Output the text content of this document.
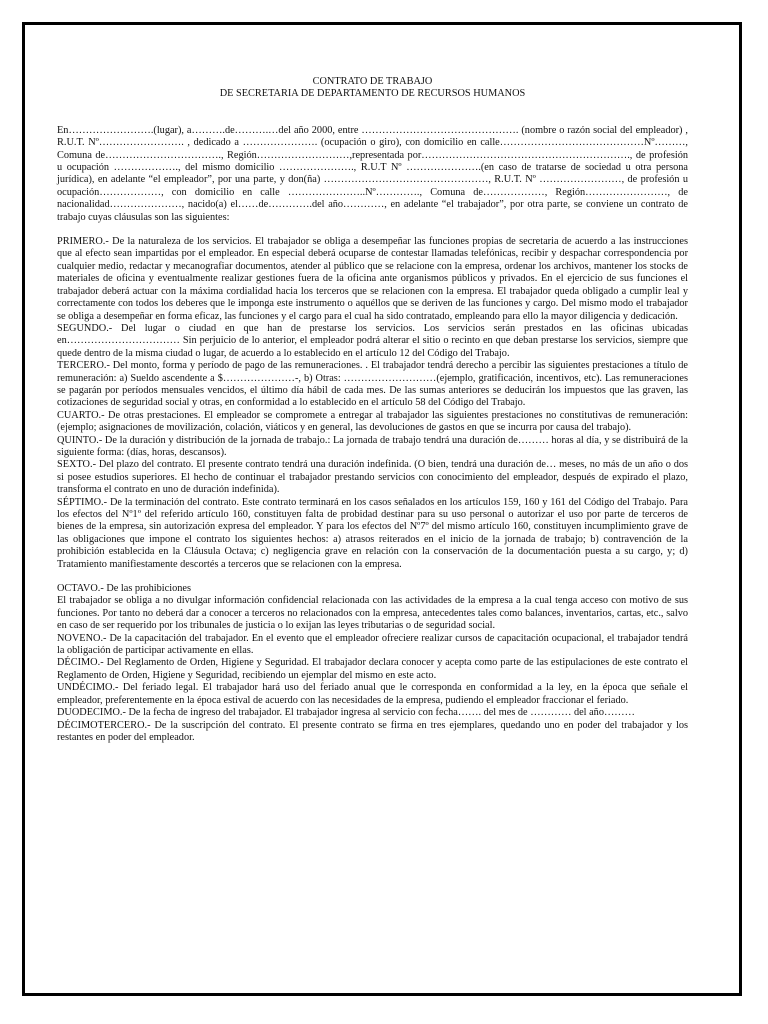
CONTRATO DE TRABAJO

DE SECRETARIA DE DEPARTAMENTO DE RECURSOS HUMANOS

En…………………….(lugar), a……….de……….…del año 2000, entre ………………………………………. (nombre o razón social del empleador) , R.U.T. Nº……………………. , dedicado a …………………. (ocupación o giro), con domicilio en calle……………………………………Nº………, Comuna de……………………………., Región………………………,representada por……………………………………………………., de profesión u ocupación ………………., del mismo domicilio …………………., R.U.T Nº ………………….(en caso de tratarse de sociedad u otra persona jurídica), en adelante “el empleador”, por una parte, y don(ña) …………………………………………, R.U.T. Nº ……………………, de profesión u ocupación………………, con domicilio en calle …………………..Nº…………., Comuna de………………, Región……………………, de nacionalidad…………………, nacido(a) el……de………….del año…………, en adelante “el trabajador”, por otra parte, se conviene un contrato de trabajo cuyas cláusulas son las siguientes:

PRIMERO.- De la naturaleza de los servicios. El trabajador se obliga a desempeñar las funciones propias de secretaria de acuerdo a las instrucciones que al efecto sean impartidas por el empleador. En especial deberá ocuparse de contestar llamadas telefónicas, recibir y despachar correspondencia por cualquier medio, redactar y mecanografiar documentos, atender al público que se relacione con la empresa, ordenar los archivos, mantener los stocks de materiales de oficina y eventualmente realizar gestiones fuera de la oficina ante organismos públicos y privados. En el ejercicio de sus funciones el trabajador deberá actuar con la máxima cordialidad hacia los terceros que se relacionen con la empresa. El trabajador queda obligado a cumplir leal y correctamente con todos los deberes que le imponga este instrumento o aquéllos que se deriven de las funciones y cargo. Del mismo modo el trabajador se obliga a desempeñar en forma eficaz, las funciones y el cargo para el cual ha sido contratado, empleando para ello la mayor diligencia y dedicación.

SEGUNDO.- Del lugar o ciudad en que han de prestarse los servicios. Los servicios serán prestados en las oficinas ubicadas en…………………………… Sin perjuicio de lo anterior, el empleador podrá alterar el sitio o recinto en que deban prestarse los servicios, siempre que quede dentro de la misma ciudad o lugar, de acuerdo a lo establecido en el artículo 12 del Código del Trabajo.

TERCERO.- Del monto, forma y período de pago de las remuneraciones. . El trabajador tendrá derecho a percibir las siguientes prestaciones a título de remuneración: a) Sueldo ascendente a $…………………-, b) Otras: ………………………(ejemplo, gratificación, incentivos, etc). Las remuneraciones se pagarán por períodos mensuales vencidos, el último día hábil de cada mes. De las sumas anteriores se deducirán los impuestos que las graven, las cotizaciones de seguridad social y otras, en conformidad a lo establecido en el artículo 58 del Código del Trabajo.

CUARTO.- De otras prestaciones. El empleador se compromete a entregar al trabajador las siguientes prestaciones no constitutivas de remuneración: (ejemplo; asignaciones de movilización, colación, viáticos y en general, las devoluciones de gastos en que se incurra por causa del trabajo).

QUINTO.- De la duración y distribución de la jornada de trabajo.: La jornada de trabajo tendrá una duración de……… horas al día, y se distribuirá de la siguiente forma: (días, horas, descansos).

SEXTO.- Del plazo del contrato. El presente contrato tendrá una duración indefinida. (O bien, tendrá una duración de… meses, no más de un año o dos si posee estudios superiores. El hecho de continuar el trabajador prestando servicios con conocimiento del empleador, después de expirado el plazo, transforma el contrato en uno de duración indefinida).

SÉPTIMO.- De la terminación del contrato. Este contrato terminará en los casos señalados en los artículos 159, 160 y 161 del Código del Trabajo. Para los efectos del Nº1º del referido artículo 160, constituyen falta de probidad destinar para su uso personal o autorizar el uso por parte de terceros de bienes de la empresa, sin autorización expresa del empleador. Y para los efectos del Nº7º del mismo artículo 160, constituyen incumplimiento grave de las obligaciones que impone el contrato los siguientes hechos: a) atrasos reiterados en el inicio de la jornada de trabajo; b) contravención de la prohibición establecida en la Cláusula Octava; c) negligencia grave en relación con la conservación de la documentación puesta a su cargo, y; d) Tratamiento manifiestamente descortés a terceros que se relacionen con la empresa.

OCTAVO.- De las prohibiciones

El trabajador se obliga a no divulgar información confidencial relacionada con las actividades de la empresa a la cual tenga acceso con motivo de sus funciones. Por tanto no deberá dar a conocer a terceros no relacionados con la empresa, antecedentes tales como balances, inventarios, cartas, etc., salvo en caso de ser requerido por los tribunales de justicia o lo exijan las leyes tributarias o de seguridad social.

NOVENO.- De la capacitación del trabajador. En el evento que el empleador ofreciere realizar cursos de capacitación ocupacional, el trabajador tendrá la obligación de participar activamente en ellas.

DÉCIMO.- Del Reglamento de Orden, Higiene y Seguridad. El trabajador declara conocer y acepta como parte de las estipulaciones de este contrato el Reglamento de Orden, Higiene y Seguridad, recibiendo un ejemplar del mismo en este acto.

UNDÉCIMO.- Del feriado legal. El trabajador hará uso del feriado anual que le corresponda en conformidad a la ley, en la época que señale el empleador, preferentemente en la época estival de acuerdo con las necesidades de la empresa, pudiendo el empleador fraccionar el feriado.

DUODECIMO.- De la fecha de ingreso del trabajador. El trabajador ingresa al servicio con fecha……. del mes de ………… del año………

DÉCIMOTERCERO.- De la suscripción del contrato. El presente contrato se firma en tres ejemplares, quedando uno en poder del trabajador y los restantes en poder del empleador.
